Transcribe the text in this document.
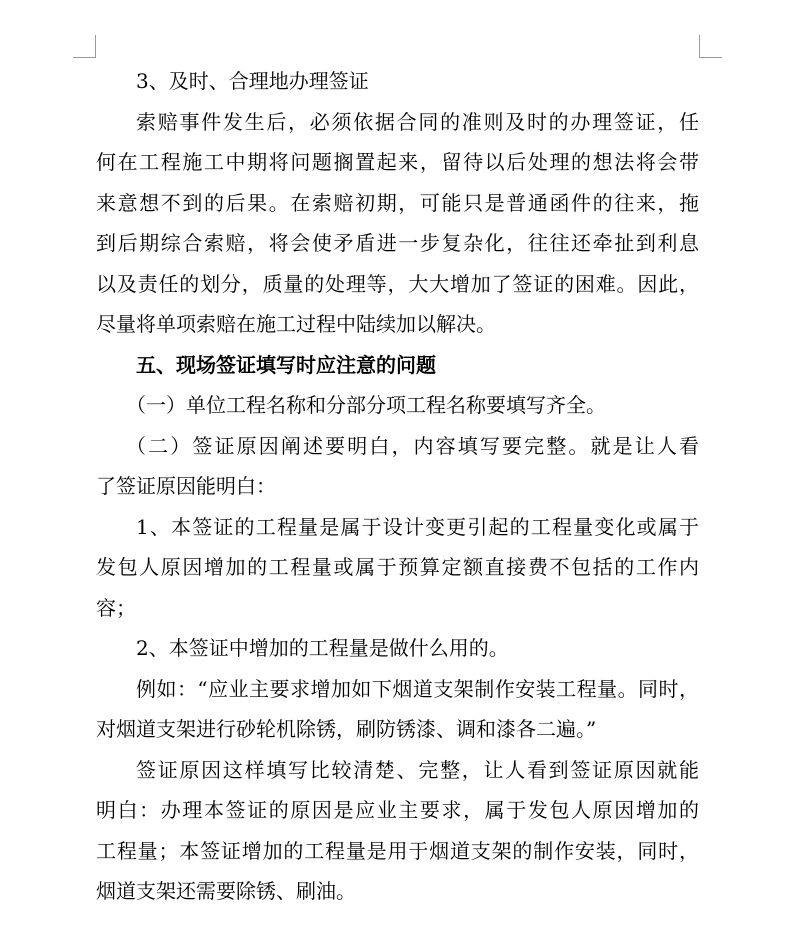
3、及时、合理地办理签证
索赔事件发生后，必须依据合同的准则及时的办理签证，任
何在工程施工中期将问题搁置起来，留待以后处理的想法将会带
来意想不到的后果。在索赔初期，可能只是普通函件的往来，拖
到后期综合索赔，将会使矛盾进一步复杂化，往往还牵扯到利息
以及责任的划分，质量的处理等，大大增加了签证的困难。因此，
尽量将单项索赔在施工过程中陆续加以解决。
五、现场签证填写时应注意的问题
（一）单位工程名称和分部分项工程名称要填写齐全。
（二）签证原因阐述要明白，内容填写要完整。就是让人看
了签证原因能明白：
1、本签证的工程量是属于设计变更引起的工程量变化或属于
发包人原因增加的工程量或属于预算定额直接费不包括的工作内
容；
2、本签证中增加的工程量是做什么用的。
例如：“应业主要求增加如下烟道支架制作安装工程量。同时，
对烟道支架进行砂轮机除锈，刷防锈漆、调和漆各二遍。”
签证原因这样填写比较清楚、完整，让人看到签证原因就能
明白：办理本签证的原因是应业主要求，属于发包人原因增加的
工程量；本签证增加的工程量是用于烟道支架的制作安装，同时，
烟道支架还需要除锈、刷油。
